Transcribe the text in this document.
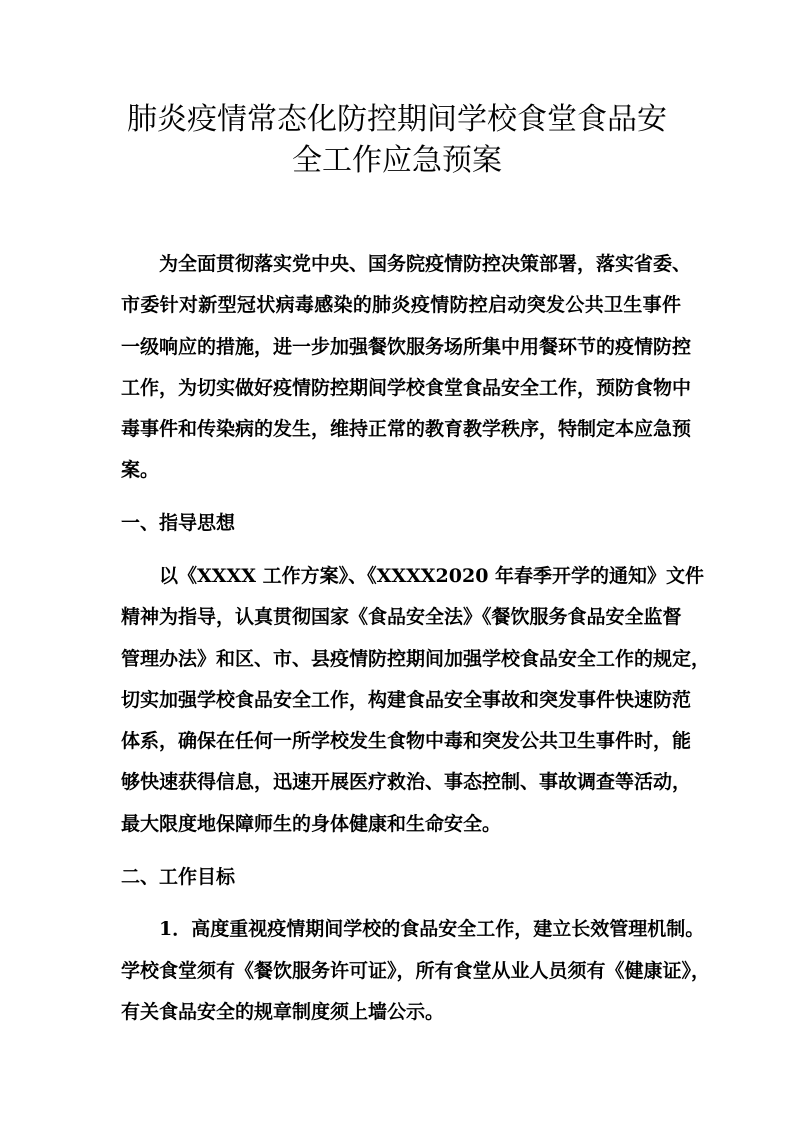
肺炎疫情常态化防控期间学校食堂食品安
全工作应急预案
为全面贯彻落实党中央、国务院疫情防控决策部署，落实省委、
市委针对新型冠状病毒感染的肺炎疫情防控启动突发公共卫生事件
一级响应的措施，进一步加强餐饮服务场所集中用餐环节的疫情防控
工作，为切实做好疫情防控期间学校食堂食品安全工作，预防食物中
毒事件和传染病的发生，维持正常的教育教学秩序，特制定本应急预
案。
一、指导思想
以《XXXX 工作方案》、《XXXX2020 年春季开学的通知》文件
精神为指导，认真贯彻国家《食品安全法》《餐饮服务食品安全监督
管理办法》和区、市、县疫情防控期间加强学校食品安全工作的规定，
切实加强学校食品安全工作，构建食品安全事故和突发事件快速防范
体系，确保在任何一所学校发生食物中毒和突发公共卫生事件时，能
够快速获得信息，迅速开展医疗救治、事态控制、事故调查等活动，
最大限度地保障师生的身体健康和生命安全。
二、工作目标
1．高度重视疫情期间学校的食品安全工作，建立长效管理机制。
学校食堂须有《餐饮服务许可证》，所有食堂从业人员须有《健康证》，
有关食品安全的规章制度须上墙公示。
